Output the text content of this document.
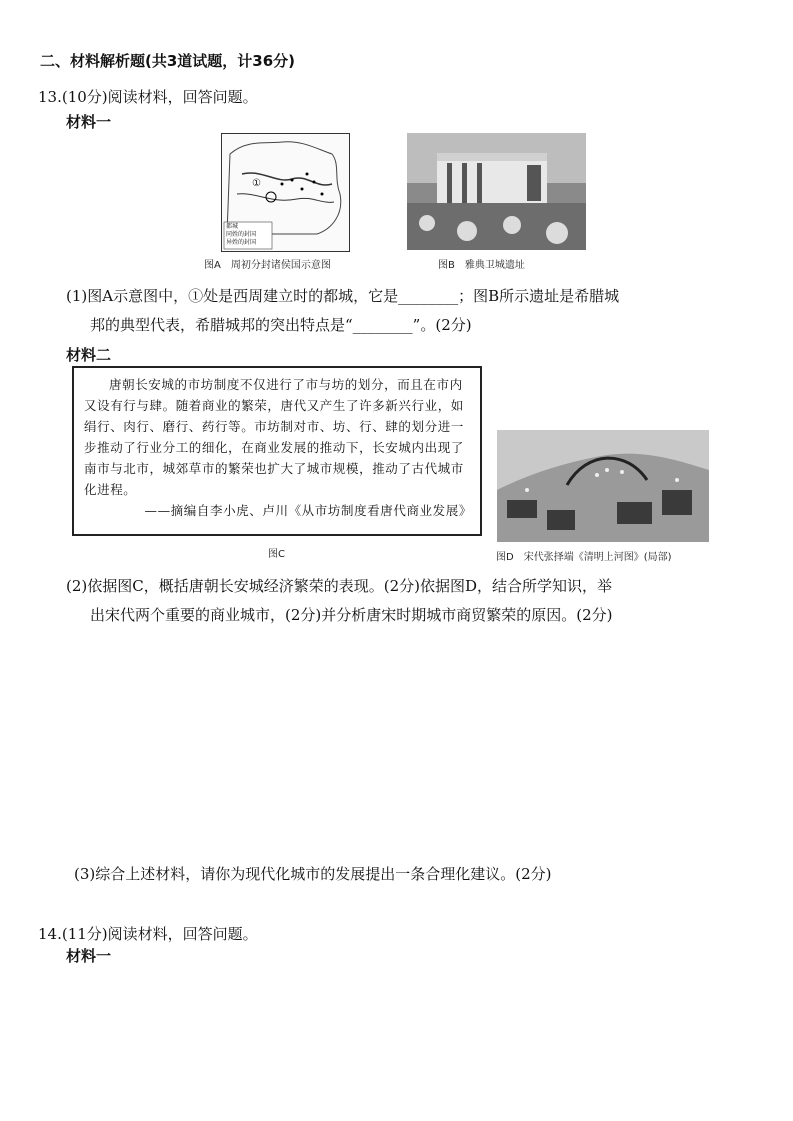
二、材料解析题(共3道试题，计36分)
13.(10分)阅读材料，回答问题。
材料一
①
都城
同姓的封国
异姓的封国
图A　周初分封诸侯国示意图	图B　雅典卫城遗址
(1)图A示意图中，①处是西周建立时的都城，它是________；图B所示遗址是希腊城
邦的典型代表，希腊城邦的突出特点是“________”。(2分)
材料二
唐朝长安城的市坊制度不仅进行了市与坊的划分，而且在市内又设有行与肆。随着商业的繁荣，唐代又产生了许多新兴行业，如绢行、肉行、磨行、药行等。市坊制对市、坊、行、肆的划分进一步推动了行业分工的细化，在商业发展的推动下，长安城内出现了南市与北市，城郊草市的繁荣也扩大了城市规模，推动了古代城市化进程。
——摘编自李小虎、卢川《从市坊制度看唐代商业发展》
图C	图D　宋代张择端《清明上河图》(局部)
(2)依据图C，概括唐朝长安城经济繁荣的表现。(2分)依据图D，结合所学知识，举
出宋代两个重要的商业城市，(2分)并分析唐宋时期城市商贸繁荣的原因。(2分)
(3)综合上述材料，请你为现代化城市的发展提出一条合理化建议。(2分)
14.(11分)阅读材料，回答问题。
材料一
